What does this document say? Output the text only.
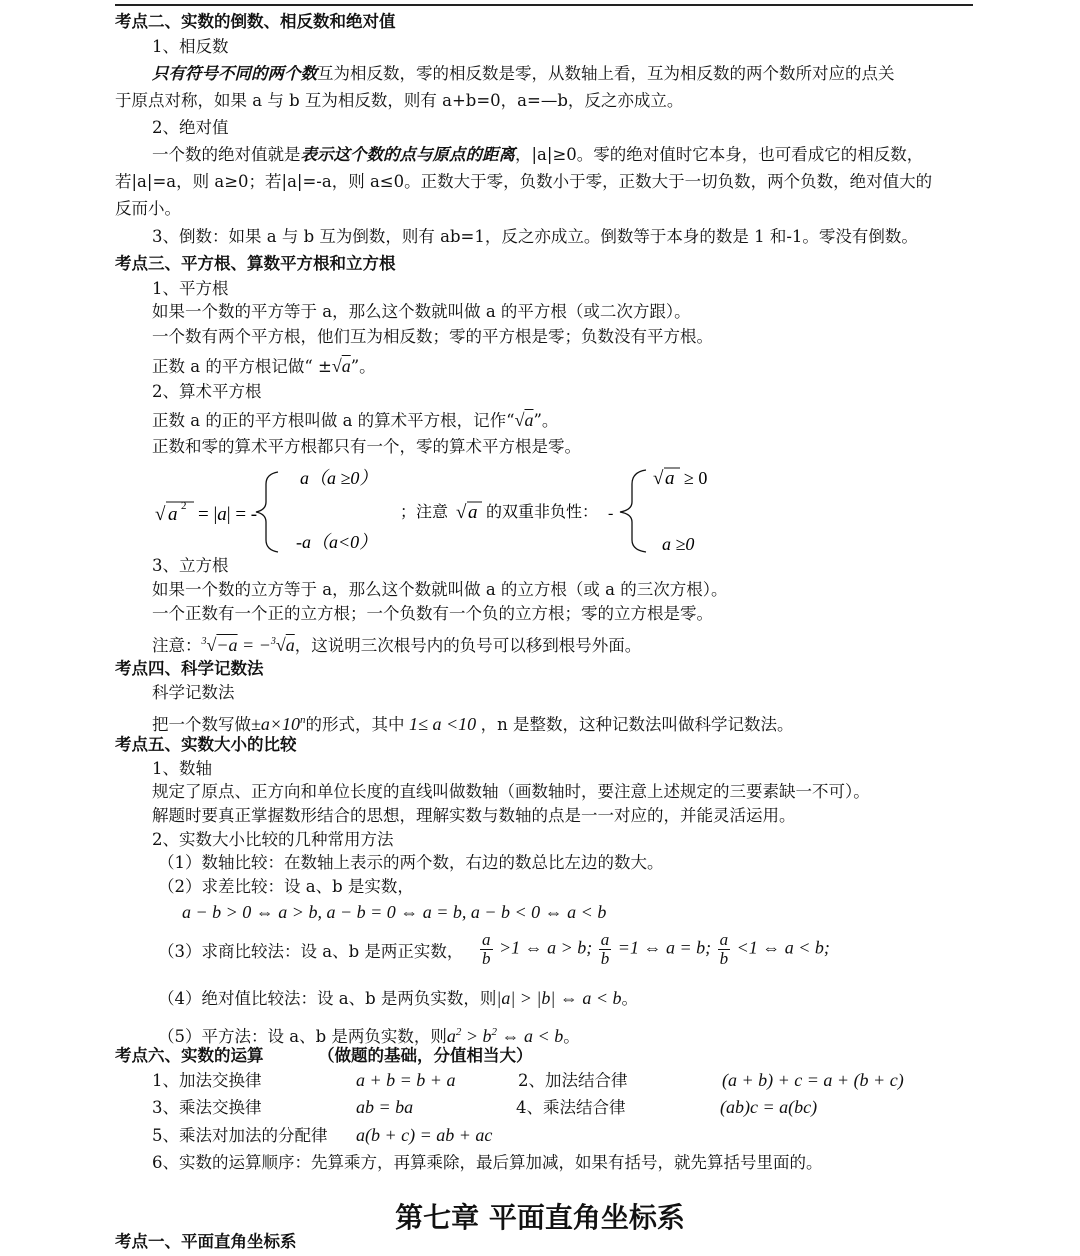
考点二、实数的倒数、相反数和绝对值
1、相反数
只有符号不同的两个数互为相反数，零的相反数是零，从数轴上看，互为相反数的两个数所对应的点关
于原点对称，如果 a 与 b 互为相反数，则有 a+b=0，a=—b，反之亦成立。
2、绝对值
一个数的绝对值就是表示这个数的点与原点的距离，|a|≥0。零的绝对值时它本身，也可看成它的相反数，
若|a|=a，则 a≥0；若|a|=-a，则 a≤0。正数大于零，负数小于零，正数大于一切负数，两个负数，绝对值大的
反而小。
3、倒数：如果 a 与 b 互为倒数，则有 ab=1，反之亦成立。倒数等于本身的数是 1 和-1。零没有倒数。
考点三、平方根、算数平方根和立方根
1、平方根
如果一个数的平方等于 a，那么这个数就叫做 a 的平方根（或二次方跟）。
一个数有两个平方根，他们互为相反数；零的平方根是零；负数没有平方根。
正数 a 的平方根记做“ ±√a”。
2、算术平方根
正数 a 的正的平方根叫做 a 的算术平方根，记作“√a”。
正数和零的算术平方根都只有一个，零的算术平方根是零。
√ a 2 = |a| = -
a（a ≥0）
-a（a<0）
；注意 √ a 的双重非负性： -
√ a ≥ 0
a ≥0
3、立方根
如果一个数的立方等于 a，那么这个数就叫做 a 的立方根（或 a 的三次方根）。
一个正数有一个正的立方根；一个负数有一个负的立方根；零的立方根是零。
注意：$^3$√−a = −$^3$√a，这说明三次根号内的负号可以移到根号外面。
考点四、科学记数法
科学记数法
把一个数写做$\pm a\times 10^n$的形式，其中 1≤ a <10 ，n 是整数，这种记数法叫做科学记数法。
考点五、实数大小的比较
1、数轴
规定了原点、正方向和单位长度的直线叫做数轴（画数轴时，要注意上述规定的三要素缺一不可）。
解题时要真正掌握数形结合的思想，理解实数与数轴的点是一一对应的，并能灵活运用。
2、实数大小比较的几种常用方法
（1）数轴比较：在数轴上表示的两个数，右边的数总比左边的数大。
（2）求差比较：设 a、b 是实数，
a − b > 0 ⇔ a > b, a − b = 0 ⇔ a = b, a − b < 0 ⇔ a < b
（3）求商比较法：设 a、b 是两正实数， $\frac{a}{b} >1$ ⇔ a > b; $\frac{a}{b} =1$ ⇔ a = b; $\frac{a}{b} <1$ ⇔ a < b;
（4）绝对值比较法：设 a、b 是两负实数，则|a| > |b| ⇔ a < b。
（5）平方法：设 a、b 是两负实数，则$a^2 > b^2$ ⇔ a < b。
考点六、实数的运算	（做题的基础，分值相当大）
1、加法交换律	a + b = b + a	2、加法结合律	(a + b) + c = a + (b + c)
3、乘法交换律	ab = ba	4、乘法结合律	(ab)c = a(bc)
5、乘法对加法的分配律 a(b + c) = ab + ac
6、实数的运算顺序：先算乘方，再算乘除，最后算加减，如果有括号，就先算括号里面的。
第七章 平面直角坐标系
考点一、平面直角坐标系
